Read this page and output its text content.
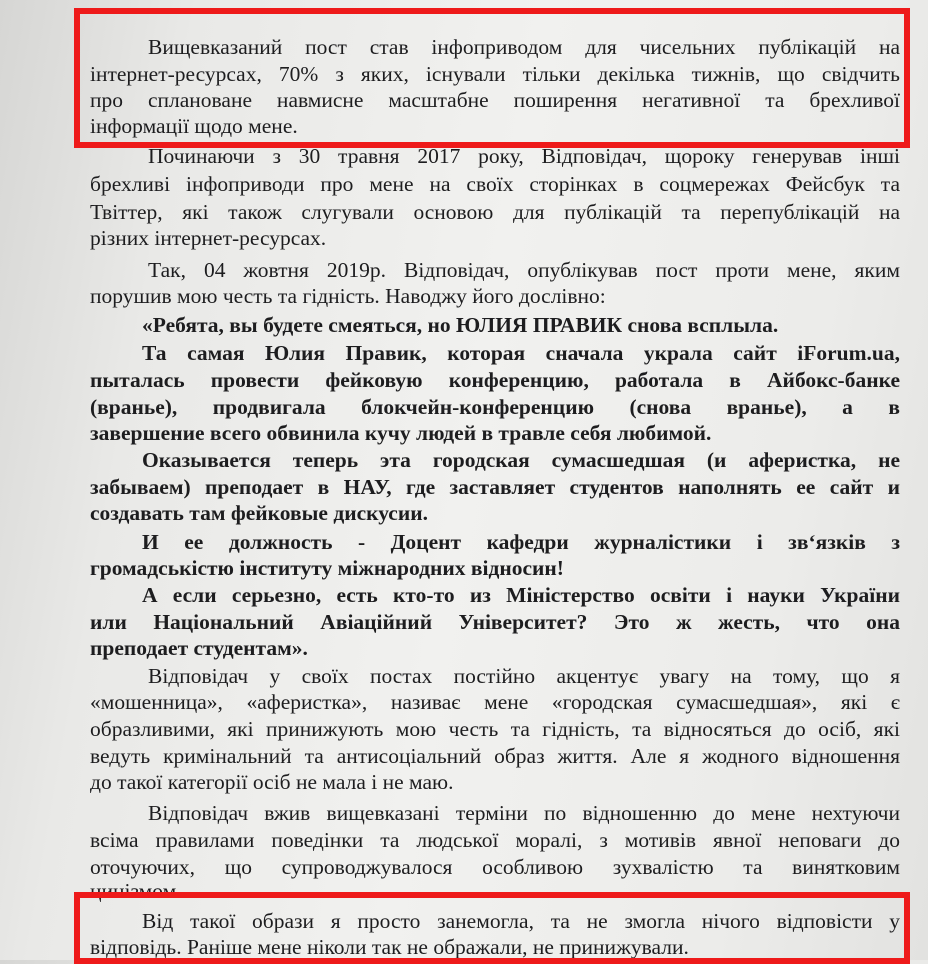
Вищевказаний пост став інфоприводом для чисельних публікацій на
інтернет-ресурсах, 70% з яких, існували тільки декілька тижнів, що свідчить
про сплановане навмисне масштабне поширення негативної та брехливої
інформації щодо мене.
Починаючи з 30 травня 2017 року, Відповідач, щороку генерував інші
брехливі інфоприводи про мене на своїх сторінках в соцмережах Фейсбук та
Твіттер, які також слугували основою для публікацій та перепублікацій на
різних інтернет-ресурсах.
Так, 04 жовтня 2019р. Відповідач, опублікував пост проти мене, яким
порушив мою честь та гідність. Наводжу його дослівно:
«Ребята, вы будете смеяться, но ЮЛИЯ ПРАВИК снова всплыла.
Та самая Юлия Правик, которая сначала украла сайт iForum.ua,
пыталась провести фейковую конференцию, работала в Айбокс-банке
(вранье), продвигала блокчейн-конференцию (снова вранье), а в
завершение всего обвинила кучу людей в травле себя любимой.
Оказывается теперь эта городская сумасшедшая (и аферистка, не
забываем) преподает в НАУ, где заставляет студентов наполнять ее сайт и
создавать там фейковые дискусии.
И ее должность - Доцент кафедри журналістики і зв‘язків з
громадськістю інституту міжнародних відносин!
А если серьезно, есть кто-то из Міністерство освіти і науки України
или Національний Авіаційний Університет? Это ж жесть, что она
преподает студентам».
Відповідач у своїх постах постійно акцентує увагу на тому, що я
«мошенница», «аферистка», називає мене «городская сумасшедшая», які є
образливими, які принижують мою честь та гідність, та відносяться до осіб, які
ведуть кримінальний та антисоціальний образ життя. Але я жодного відношення
до такої категорії осіб не мала і не маю.
Відповідач вжив вищевказані терміни по відношенню до мене нехтуючи
всіма правилами поведінки та людської моралі, з мотивів явної неповаги до
оточуючих, що супроводжувалося особливою зухвалістю та винятковим
цинізмом.
Від такої образи я просто занемогла, та не змогла нічого відповісти у
відповідь. Раніше мене ніколи так не ображали, не принижували.
